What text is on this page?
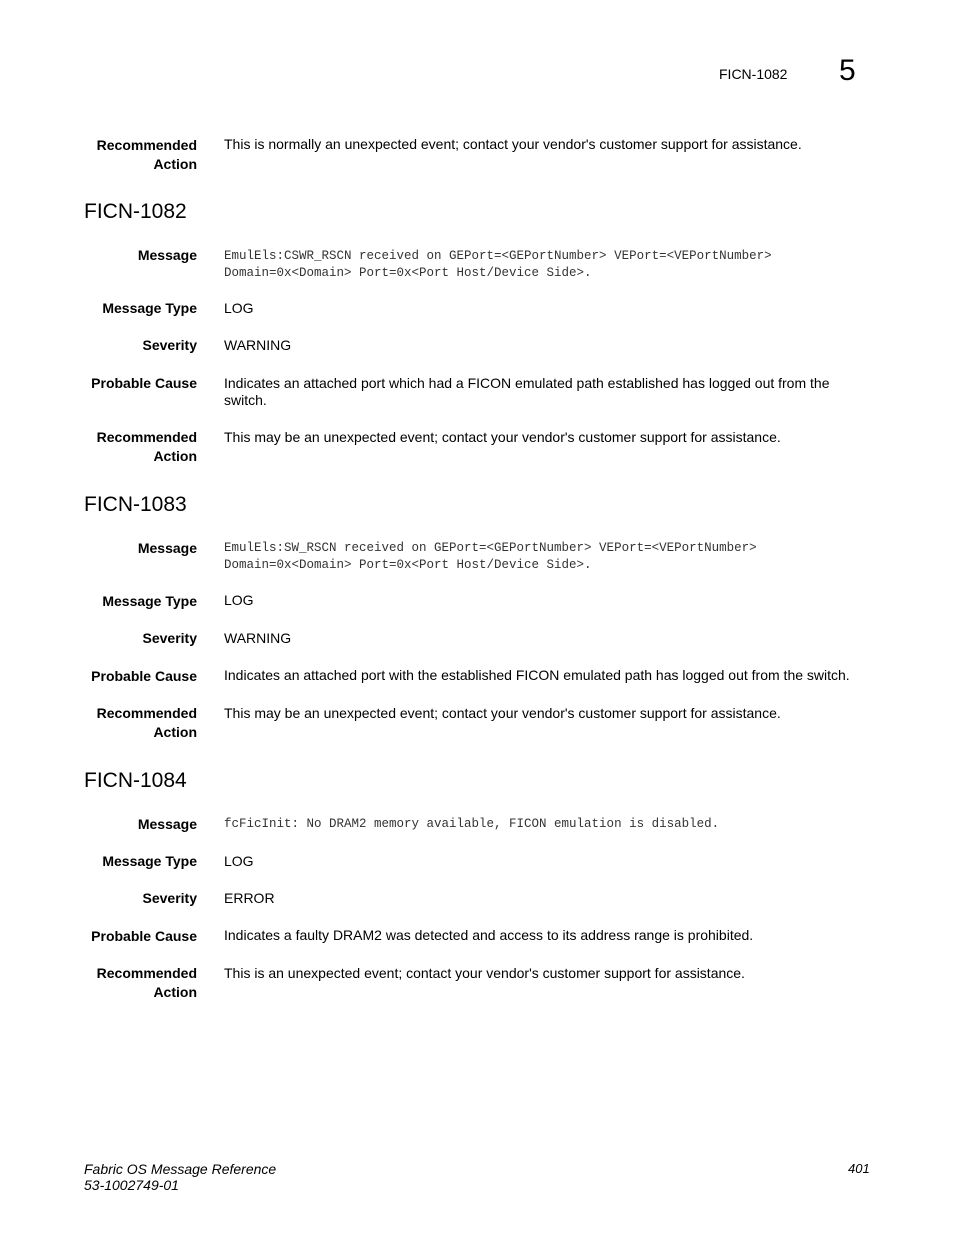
FICN-1082 5
Recommended
Action
This is normally an unexpected event; contact your vendor's customer support for assistance.
FICN-1082
Message EmulEls:CSWR_RSCN received on GEPort=<GEPortNumber> VEPort=<VEPortNumber>
Domain=0x<Domain> Port=0x<Port Host/Device Side>.
Message Type LOG
Severity WARNING
Probable Cause Indicates an attached port which had a FICON emulated path established has logged out from the switch.
Recommended
Action
This may be an unexpected event; contact your vendor's customer support for assistance.
FICN-1083
Message EmulEls:SW_RSCN received on GEPort=<GEPortNumber> VEPort=<VEPortNumber>
Domain=0x<Domain> Port=0x<Port Host/Device Side>.
Message Type LOG
Severity WARNING
Probable Cause Indicates an attached port with the established FICON emulated path has logged out from the switch.
Recommended
Action
This may be an unexpected event; contact your vendor's customer support for assistance.
FICN-1084
Message fcFicInit: No DRAM2 memory available, FICON emulation is disabled.
Message Type LOG
Severity ERROR
Probable Cause Indicates a faulty DRAM2 was detected and access to its address range is prohibited.
Recommended
Action
This is an unexpected event; contact your vendor's customer support for assistance.
Fabric OS Message Reference
53-1002749-01
401
